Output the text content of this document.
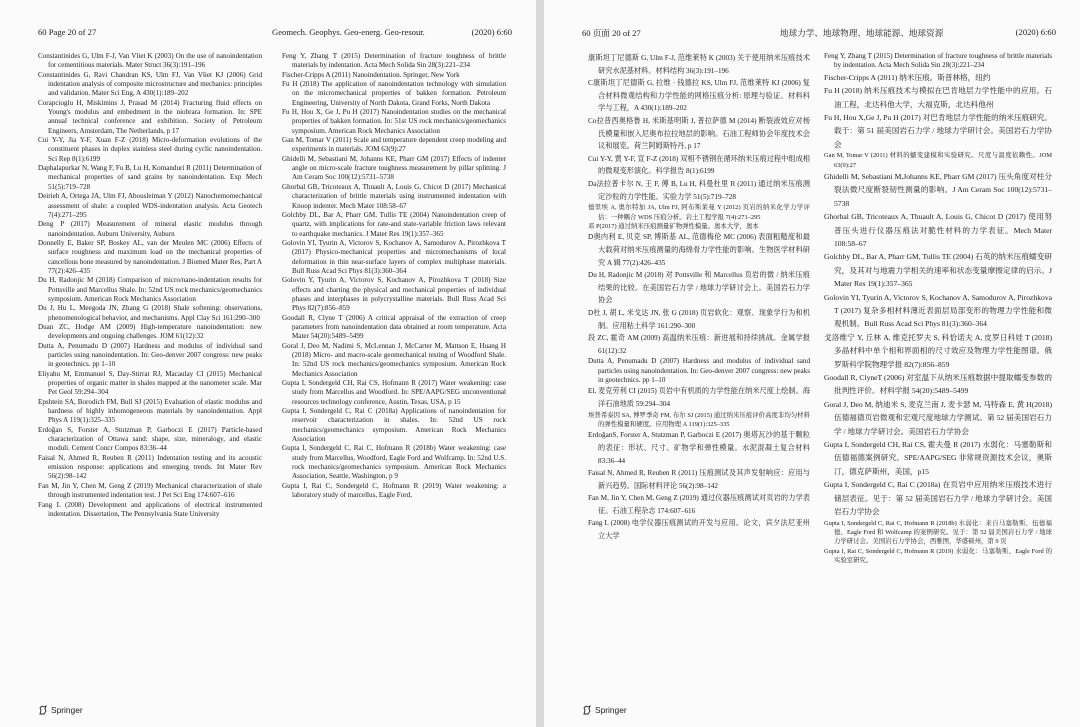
60 Page 20 of 27	Geomech. Geophys. Geo-energ. Geo-resour.	(2020) 6:60

Constantinides G, Ulm F-J, Van Vliet K (2003) On the use of nanoindentation for cementitious materials. Mater Struct 36(3):191–196

Constantinides G, Ravi Chandran KS, Ulm FJ, Van Vliet KJ (2006) Grid indentation analysis of composite microstructure and mechanics: principles and validation. Mater Sci Eng, A 430(1):189–202

Corapcioglu H, Miskimins J, Prasad M (2014) Fracturing fluid effects on Young's modulus and embedment in the niobrara formation. In: SPE annual technical conference and exhibition. Society of Petroleum Engineers, Amsterdam, The Netherlands, p 17

Cui Y-Y, Jia Y-F, Xuan F-Z (2018) Micro-deformation evolutions of the constituent phases in duplex stainless steel during cyclic nanoindentation. Sci Rep 8(1):6199

Daphalapurkar N, Wang F, Fu B, Lu H, Komanduri R (2011) Determination of mechanical properties of sand grains by nanoindentation. Exp Mech 51(5):719–728

Deirieh A, Ortega JA, Ulm FJ, Abousleiman Y (2012) Nanochemomechanical assessment of shale: a coupled WDS-indentation analysis. Acta Geotech 7(4):271–295

Deng P (2017) Measurement of mineral elastic modulus through nanoindentation. Auburn University, Auburn

Donnelly E, Baker SP, Boskey AL, van der Meulen MC (2006) Effects of surface roughness and maximum load on the mechanical properties of cancellous bone measured by nanoindentation. J Biomed Mater Res, Part A 77(2):426–435

Du H, Radonjic M (2018) Comparison of micro/nano-indentation results for Pottsville and Marcellus Shale. In: 52nd US rock mechanics/geomechanics symposium. American Rock Mechanics Association

Du J, Hu L, Meegoda JN, Zhang G (2018) Shale softening: observations, phenomenological behavior, and mechanisms. Appl Clay Sci 161:290–300

Duan ZC, Hodge AM (2009) High-temperature nanoindentation: new developments and ongoing challenges. JOM 61(12):32

Dutta A, Penumadu D (2007) Hardness and modulus of individual sand particles using nanoindentation. In: Geo-denver 2007 congress: new peaks in geotechnics. pp 1–10

Eliyahu M, Emmanuel S, Day-Stirrat RJ, Macaulay CI (2015) Mechanical properties of organic matter in shales mapped at the nanometer scale. Mar Pet Geol 59:294–304

Epshtein SA, Borodich FM, Bull SJ (2015) Evaluation of elastic modulus and hardness of highly inhomogeneous materials by nanoindentation. Appl Phys A 119(1):325–335

Erdoğan S, Forster A, Stutzman P, Garboczi E (2017) Particle-based characterization of Ottawa sand: shape, size, mineralogy, and elastic moduli. Cement Concr Compos 83:36–44

Faisal N, Ahmed R, Reuben R (2011) Indentation testing and its acoustic emission response: applications and emerging trends. Int Mater Rev 56(2):98–142

Fan M, Jin Y, Chen M, Geng Z (2019) Mechanical characterization of shale through instrumented indentation test. J Pet Sci Eng 174:607–616

Fang L (2008) Development and applications of electrical instrumented indentation. Dissertation, The Pennsylvania State University

Feng Y, Zhang T (2015) Determination of fracture toughness of brittle materials by indentation. Acta Mech Solida Sin 28(3):221–234

Fischer-Cripps A (2011) Nanoindentation. Springer, New York

Fu H (2018) The application of nanoindentation technology with simulation on the micromechanical properties of bakken formation. Petroleum Engineering, University of North Dakota, Grand Forks, North Dakota

Fu H, Hou X, Ge J, Pu H (2017) Nanoindentation studies on the mechanical properties of bakken formation. In: 51st US rock mechanics/geomechanics symposium. American Rock Mechanics Association

Gan M, Tomar V (2011) Scale and temperature dependent creep modeling and experiments in materials. JOM 63(9):27

Ghidelli M, Sebastiani M, Johanns KE, Pharr GM (2017) Effects of indenter angle on micro-scale fracture toughness measurement by pillar splitting. J Am Ceram Soc 100(12):5731–5738

Ghorbal GB, Tricoteaux A, Thuault A, Louis G, Chicot D (2017) Mechanical characterization of brittle materials using instrumented indentation with Knoop indenter. Mech Mater 108:58–67

Golchby DL, Bar A, Pharr GM, Tullis TE (2004) Nanoindentation creep of quartz, with implications for rate-and state-variable friction laws relevant to earthquake mechanics. J Mater Res 19(1):357–365

Golovin YI, Tyurin A, Victorov S, Kochanov A, Samodurov A, Pirozhkova T (2017) Physico-mechanical properties and micromechanisms of local deformation in thin near-surface layers of complex multiphase materials. Bull Russ Acad Sci Phys 81(3):360–364

Golovin Y, Tyurin A, Victorov S, Kochanov A, Pirozhkova T (2018) Size effects and charting the physical and mechanical properties of individual phases and interphases in polycrystalline materials. Bull Russ Acad Sci Phys 82(7):856–859

Goodall R, Clyne T (2006) A critical appraisal of the extraction of creep parameters from nanoindentation data obtained at room temperature. Acta Mater 54(20):5489–5499

Goral J, Deo M, Nadimi S, McLennan J, McCarter M, Mattson E, Huang H (2018) Micro- and macro-scale geomechanical testing of Woodford Shale. In: 52nd US rock mechanics/geomechanics symposium. American Rock Mechanics Association

Gupta I, Sondergeld CH, Rai CS, Hofmann R (2017) Water weakening: case study from Marcellus and Woodford. In: SPE/AAPG/SEG unconventional resources technology conference, Austin, Texas, USA, p 15

Gupta I, Sondergeld C, Rai C (2018a) Applications of nanoindentation for reservoir characterization in shales. In: 52nd US rock mechanics/geomechanics symposium. American Rock Mechanics Association

Gupta I, Sondergeld C, Rai C, Hofmann R (2018b) Water weakening: case study from Marcellus, Woodford, Eagle Ford and Wolfcamp. In: 52nd U.S. rock mechanics/geomechanics symposium. American Rock Mechanics Association, Seattle, Washington, p 9

Gupta I, Rai C, Sondergeld C, Hofmann R (2019) Water weakening: a laboratory study of marcellus, Eagle Ford,

Springer
60 页面 20 of 27	地球力学、地球物理、地球能源、地球资源	(2020) 6:60

康斯坦丁尼德斯 G, Ulm F-J, 范维莱特 K (2003) 关于使用纳米压痕技术研究水泥基材料。材料结构 36(3):191–196

C康斯坦丁尼德斯 G, 拉维 · 钱德拉 KS, Ulm FJ, 范维莱特 KJ (2006) 复合材料微观结构和力学性能的网格压痕分析: 原理与验证。材料科学与工程，A 430(1):189–202

Co拉普西奥格鲁 H, 米斯基明斯 J, 普拉萨德 M (2014) 断裂液效应对杨氏模量和嵌入尼奥布拉拉地层的影响。石油工程师协会年度技术会议和展览。荷兰阿姆斯特丹, p 17

Cui Y-Y, 贾 Y-F, 宣 F-Z (2018) 双相不锈钢在循环纳米压痕过程中组成相的微观变形演化。科学报告 8(1):6199

Da法拉普卡尔 N, 王 F, 傅 B, Lu H, 科曼杜里 R (2011) 通过纳米压痕测定沙粒的力学性能。实验力学 51(5):719–728

德里埃 A, 奥尔特加 JA, Ulm FJ, 阿布斯莱曼 Y (2012) 页岩的纳米化学力学评估：一种耦合 WDS 压痕分析。岩土工程学报 7(4):271–295

邓 P(2017) 通过纳米压痕测量矿物弹性模量。奥本大学，奥本

D奥内利 E, 贝克 SP, 博斯基 AL, 范德梅伦 MC (2006) 表面粗糙度和最大载荷对纳米压痕测量的海绵骨力学性能的影响。生物医学材料研究 A 辑 77(2):426–435

Du H, Radonjic M (2018) 对 Pottsville 和 Marcellus 页岩的微 / 纳米压痕结果的比较。在美国岩石力学 / 地球力学研讨会上。美国岩石力学协会

D杜 J, 胡 L, 米戈达 JN, 张 G (2018) 页岩软化：观察、现象学行为和机制。应用粘土科学 161:290–300

段 ZC, 霍奇 AM (2009) 高温纳米压痕：新进展和持续挑战。金属学报 61(12):32

Dutta A, Penumadu D (2007) Hardness and modulus of individual sand particles using nanoindentation. In: Geo-denver 2007 congress: new peaks in geotechnics. pp 1–10

El, 麦克劳利 CI (2015) 页岩中有机质的力学性能在纳米尺度上绘制。海洋石油地质 59:294–304

埃普希泰因 SA, 博罗季奇 FM, 布尔 SJ (2015) 通过纳米压痕评价高度非均匀材料的弹性模量和硬度。应用物理 A 119(1):325–335

ErdoğanS, Forster A, Stutzman P, Garboczi E (2017) 奥塔瓦沙的基于颗粒的表征：形状、尺寸、矿物学和弹性模量。水泥混凝土复合材料 83:36–44

Faisal N, Ahmed R, Reuben R (2011) 压痕测试及其声发射响应：应用与新兴趋势。国际材料评论 56(2):98–142

Fan M, Jin Y, Chen M, Geng Z (2019) 通过仪器压痕测试对页岩的力学表征。石油工程杂志 174:607–616

Fang L (2008) 电学仪器压痕测试的开发与应用。论文，宾夕法尼亚州立大学

Feng Y, Zhang T (2015) Determination of fracture toughness of brittle materials by indentation. Acta Mech Solida Sin 28(3):221–234

Fischer-Cripps A (2011) 纳米压痕。斯普林格，纽约

Fu H (2018) 纳米压痕技术与模拟在巴肯地层力学性能中的应用。石油工程，北达科他大学，大福克斯，北达科他州

Fu H, Hou X,Ge J, Pu H (2017) 对巴肯地层力学性能的纳米压痕研究。载于：第 51 届美国岩石力学 / 地球力学研讨会。美国岩石力学协会

Gan M, Tomar V (2011) 材料的蠕变建模和实验研究。尺度与温度依赖性。JOM 63(9):27

Ghidelli M, Sebastiani M,Johanns KE, Pharr GM (2017) 压头角度对柱分裂法微尺度断裂韧性测量的影响。J Am Ceram Soc 100(12):5731–5738

Ghorbal GB, Tricoteaux A, Thuault A, Louis G, Chicot D (2017) 使用努普压头进行仪器压痕法对脆性材料的力学表征。Mech Mater 108:58–67

Golchby DL, Bar A, Pharr GM, Tullis TE (2004) 石英的纳米压痕蠕变研究，及其对与地震力学相关的速率和状态变量摩擦定律的启示。J Mater Res 19(1):357–365

Golovin YI, Tyurin A, Victorov S, Kochanov A, Samodurov A, Pirozhkova T (2017) 复杂多相材料薄近表面层局部变形的物理力学性能和微观机制。Bull Russ Acad Sci Phys 81(3):360–364

戈洛维宁 Y, 丘林 A, 维克托罗夫 S, 科恰诺夫 A, 皮罗日科娃 T (2018) 多晶材料中单个相和界面相的尺寸效应及物理力学性能图谱。俄罗斯科学院物理学报 82(7):856–859

Goodall R, ClyneT (2006) 对室温下从纳米压痕数据中提取蠕变参数的批判性评价。材料学报 54(20):5489–5499

Goral J, Deo M, 纳迪米 S, 麦克兰南 J, 麦卡瑟 M, 马特森 E, 黄 H(2018) 伍德福德页岩微观和宏观尺度地球力学测试。第 52 届美国岩石力学 / 地球力学研讨会。美国岩石力学协会

Gupta I, Sondergeld CH, Rai CS, 霍夫曼 R (2017) 水弱化：马塞勒斯和伍德福德案例研究。SPE/AAPG/SEG 非常规资源技术会议，奥斯汀，德克萨斯州，美国，p15

Gupta I, Sondergeld C, Rai C (2018a) 在页岩中应用纳米压痕技术进行储层表征。见于：第 52 届美国岩石力学 / 地球力学研讨会。美国岩石力学协会

Gupta I, Sondergeld C, Rai C, Hofmann R (2018b) 水弱化：来自马塞勒斯、伍德福德、Eagle Ford 和 Wolfcamp 的案例研究。见于：第 52 届美国岩石力学 / 地球力学研讨会。美国岩石力学协会，西雅图，华盛顿州，第 9 页

Gupta I, Rai C, Sondergeld C, Hofmann R (2019) 水弱化：马塞勒斯、Eagle Ford 的实验室研究。

Springer
